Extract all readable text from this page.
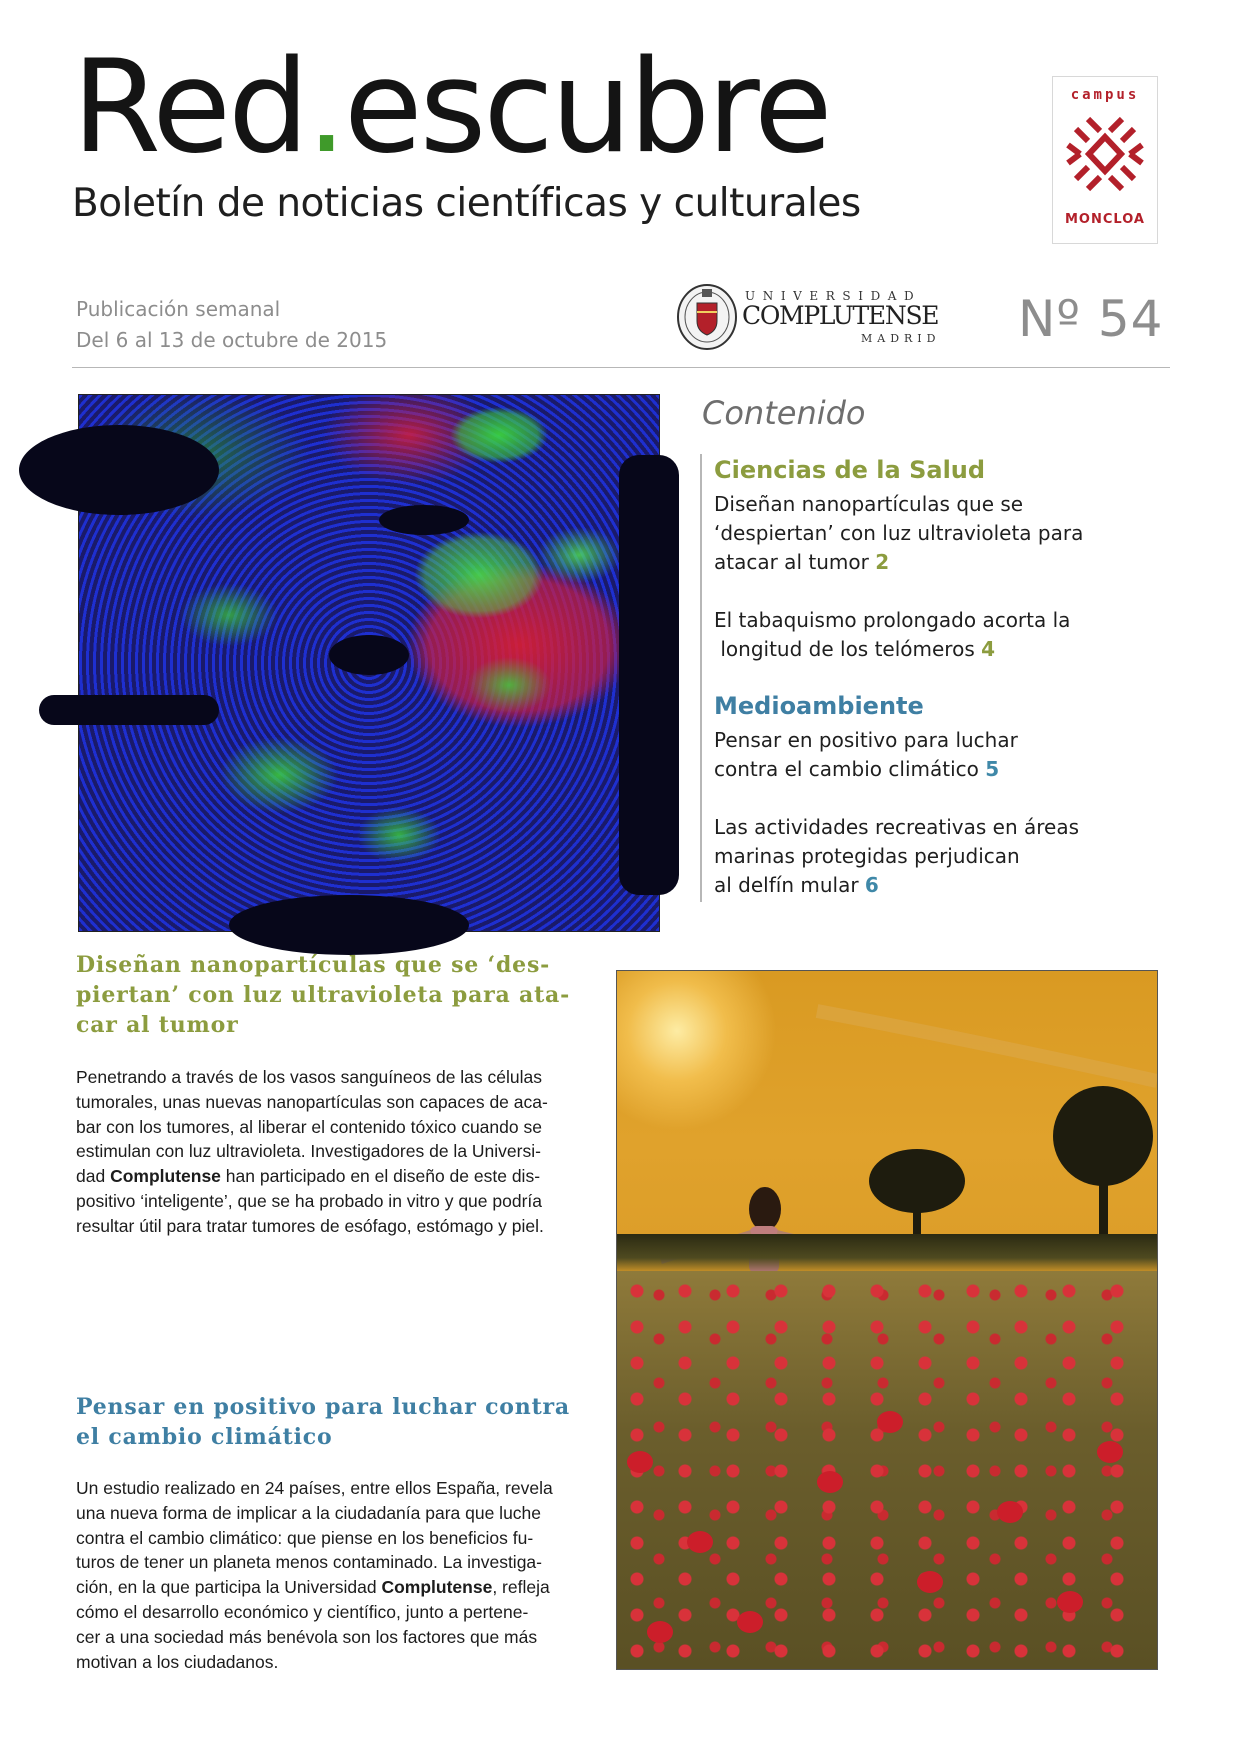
Red.escubre
Boletín de noticias científicas y culturales
campus
MONCLOA
Publicación semanal
Del 6 al 13 de octubre de 2015
UNIVERSIDAD
COMPLUTENSE
MADRID Nº 54
Contenido
Ciencias de la Salud
Diseñan nanopartículas que se
‘despiertan’ con luz ultravioleta para
atacar al tumor 2
El tabaquismo prolongado acorta la
longitud de los telómeros 4
Medioambiente
Pensar en positivo para luchar
contra el cambio climático 5
Las actividades recreativas en áreas
marinas protegidas perjudican
al delfín mular 6
Diseñan nanopartículas que se ‘des-
piertan’ con luz ultravioleta para ata-
car al tumor
Penetrando a través de los vasos sanguíneos de las células
tumorales, unas nuevas nanopartículas son capaces de aca-
bar con los tumores, al liberar el contenido tóxico cuando se
estimulan con luz ultravioleta. Investigadores de la Universi-
dad Complutense han participado en el diseño de este dis-
positivo ‘inteligente’, que se ha probado in vitro y que podría
resultar útil para tratar tumores de esófago, estómago y piel.
Pensar en positivo para luchar contra
el cambio climático
Un estudio realizado en 24 países, entre ellos España, revela
una nueva forma de implicar a la ciudadanía para que luche
contra el cambio climático: que piense en los beneficios fu-
turos de tener un planeta menos contaminado. La investiga-
ción, en la que participa la Universidad Complutense, refleja
cómo el desarrollo económico y científico, junto a pertene-
cer a una sociedad más benévola son los factores que más
motivan a los ciudadanos.
